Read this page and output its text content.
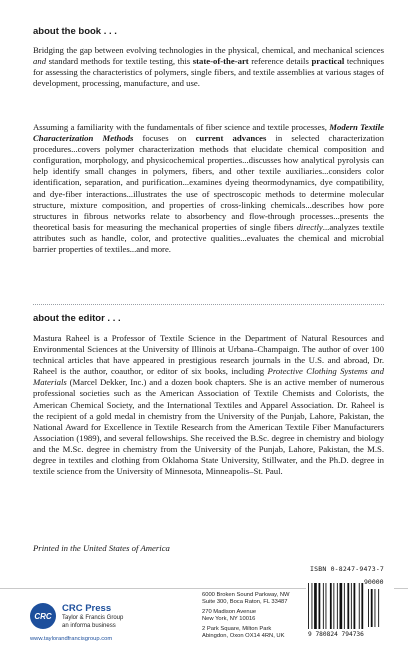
about the book . . .

Bridging the gap between evolving technologies in the physical, chemical, and mechanical sciences and standard methods for textile testing, this state-of-the-art reference details practical techniques for assessing the characteristics of polymers, single fibers, and textile assemblies at various stages of development, processing, manufacture, and use.

Assuming a familiarity with the fundamentals of fiber science and textile processes, Modern Textile Characterization Methods focuses on current advances in selected characterization procedures...covers polymer characterization methods that elucidate chemical composition and configuration, morphology, and physicochemical properties...discusses how analytical pyrolysis can help identify small changes in polymers, fibers, and other textile auxiliaries...considers color identification, separation, and purification...examines dyeing theormodynamics, dye compatibility, and dye-fiber interactions...illustrates the use of spectroscopic methods to determine molecular structure, mixture composition, and properties of cross-linking chemicals...describes how pore structures in fibrous networks relate to absorbency and flow-through processes...presents the theoretical basis for measuring the mechanical properties of single fibers directly...analyzes textile attributes such as handle, color, and protective qualities...evaluates the chemical and microbial barrier properties of textiles...and more.

about the editor . . .

Mastura Raheel is a Professor of Textile Science in the Department of Natural Resources and Environmental Sciences at the University of Illinois at Urbana–Champaign. The author of over 100 technical articles that have appeared in prestigious research journals in the U.S. and abroad, Dr. Raheel is the author, coauthor, or editor of six books, including Protective Clothing Systems and Materials (Marcel Dekker, Inc.) and a dozen book chapters. She is an active member of numerous professional societies such as the American Association of Textile Chemists and Colorists, the American Chemical Society, and the International Textiles and Apparel Association. Dr. Raheel is the recipient of a gold medal in chemistry from the University of the Punjab, Lahore, Pakistan, the National Award for Excellence in Textile Research from the American Textile Fiber Manufacturers Association (1989), and several fellowships. She received the B.Sc. degree in chemistry and biology and the M.Sc. degree in chemistry from the University of the Punjab, Lahore, Pakistan, the M.S. degree in textiles and clothing from Oklahoma State University, Stillwater, and the Ph.D. degree in textile science from the University of Minnesota, Minneapolis–St. Paul.

Printed in the United States of America

CRC
CRC Press
Taylor & Francis Group
an informa business
www.taylorandfrancisgroup.com
6000 Broken Sound Parkway, NW
Suite 300, Boca Raton, FL 33487
270 Madison Avenue
New York, NY 10016
2 Park Square, Milton Park
Abingdon, Oxon OX14 4RN, UK
ISBN 0-8247-9473-7
90000
9 780824 794736
